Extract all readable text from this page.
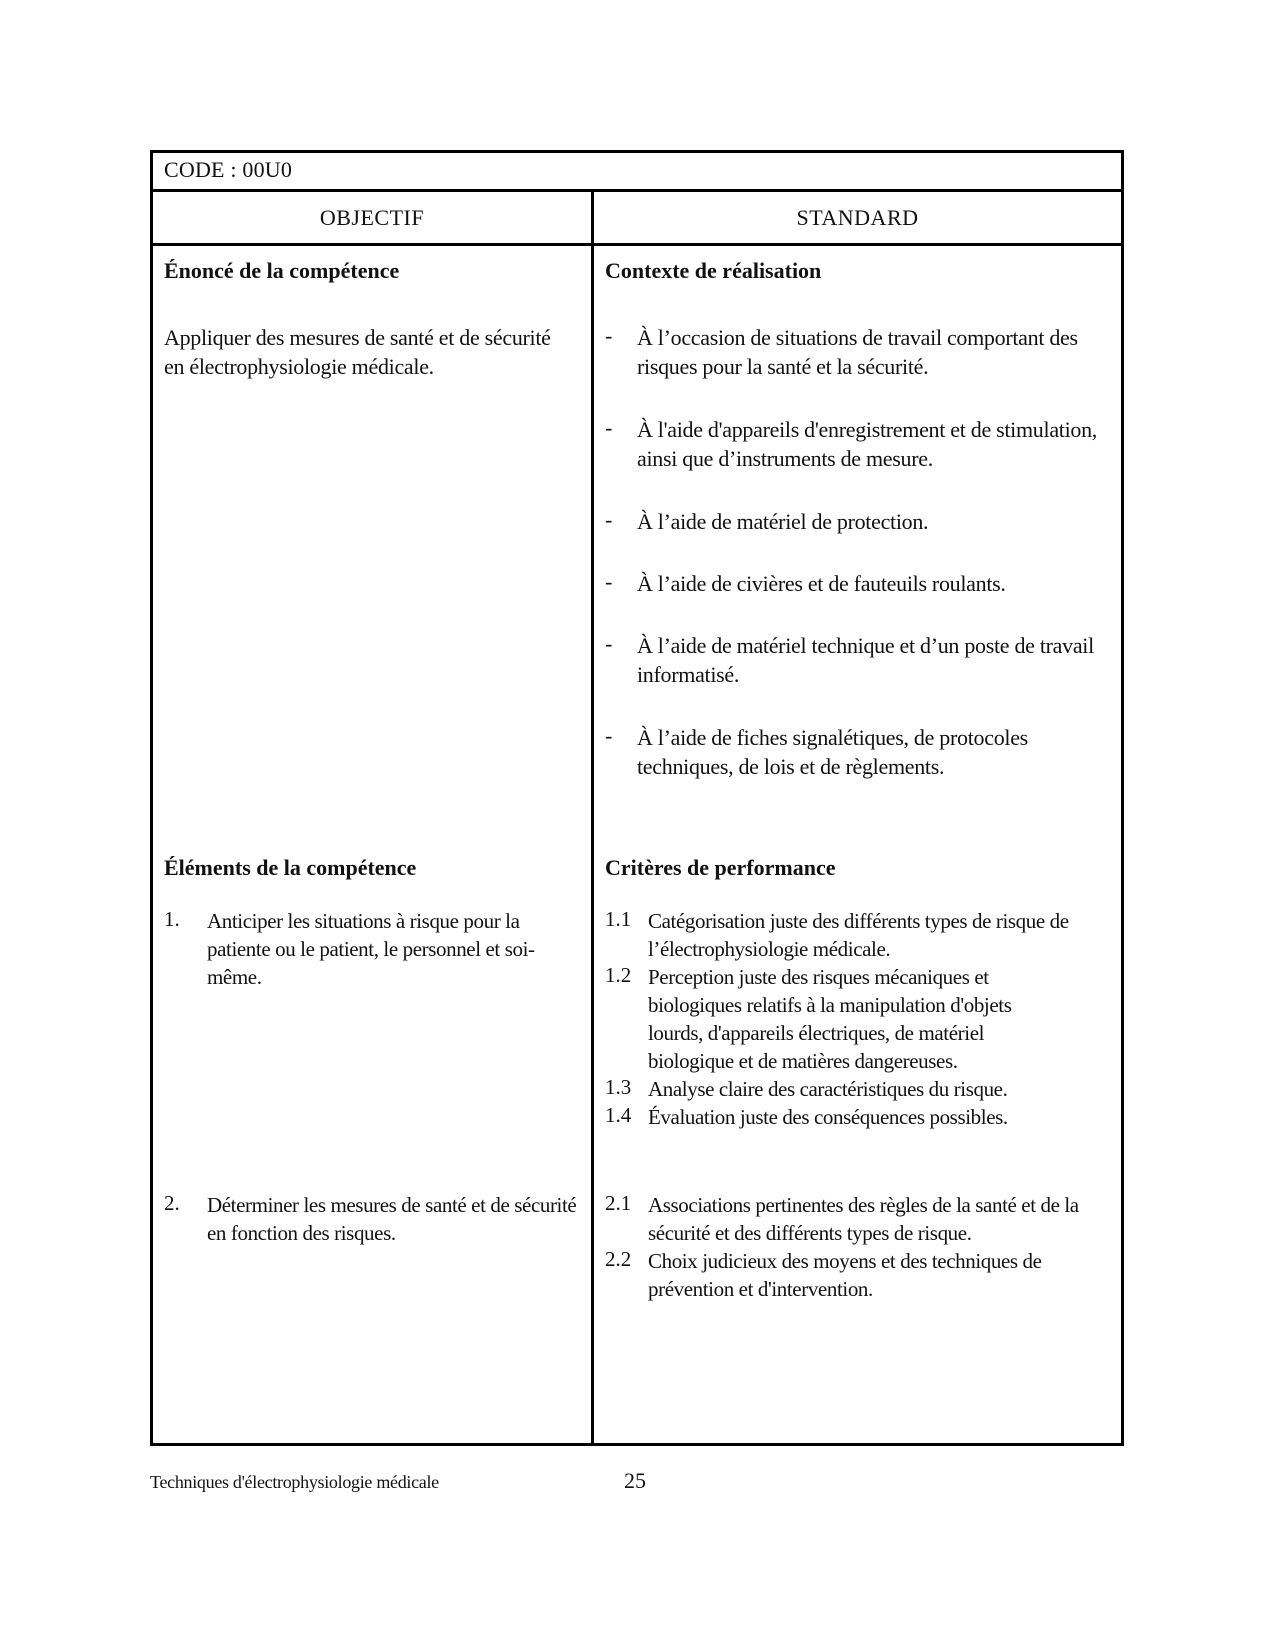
CODE : 00U0
OBJECTIF	STANDARD
Énoncé de la compétence
Appliquer des mesures de santé et de sécurité en électrophysiologie médicale.
Contexte de réalisation
- À l’occasion de situations de travail comportant des risques pour la santé et la sécurité.
- À l'aide d'appareils d'enregistrement et de stimulation, ainsi que d’instruments de mesure.
- À l’aide de matériel de protection.
- À l’aide de civières et de fauteuils roulants.
- À l’aide de matériel technique et d’un poste de travail informatisé.
- À l’aide de fiches signalétiques, de protocoles techniques, de lois et de règlements.
Éléments de la compétence
1. Anticiper les situations à risque pour la patiente ou le patient, le personnel et soi-même.
2. Déterminer les mesures de santé et de sécurité en fonction des risques.
Critères de performance
1.1 Catégorisation juste des différents types de risque de l’électrophysiologie médicale.
1.2 Perception juste des risques mécaniques et biologiques relatifs à la manipulation d'objets lourds, d'appareils électriques, de matériel biologique et de matières dangereuses.
1.3 Analyse claire des caractéristiques du risque.
1.4 Évaluation juste des conséquences possibles.
2.1 Associations pertinentes des règles de la santé et de la sécurité et des différents types de risque.
2.2 Choix judicieux des moyens et des techniques de prévention et d'intervention.
Techniques d'électrophysiologie médicale	25
